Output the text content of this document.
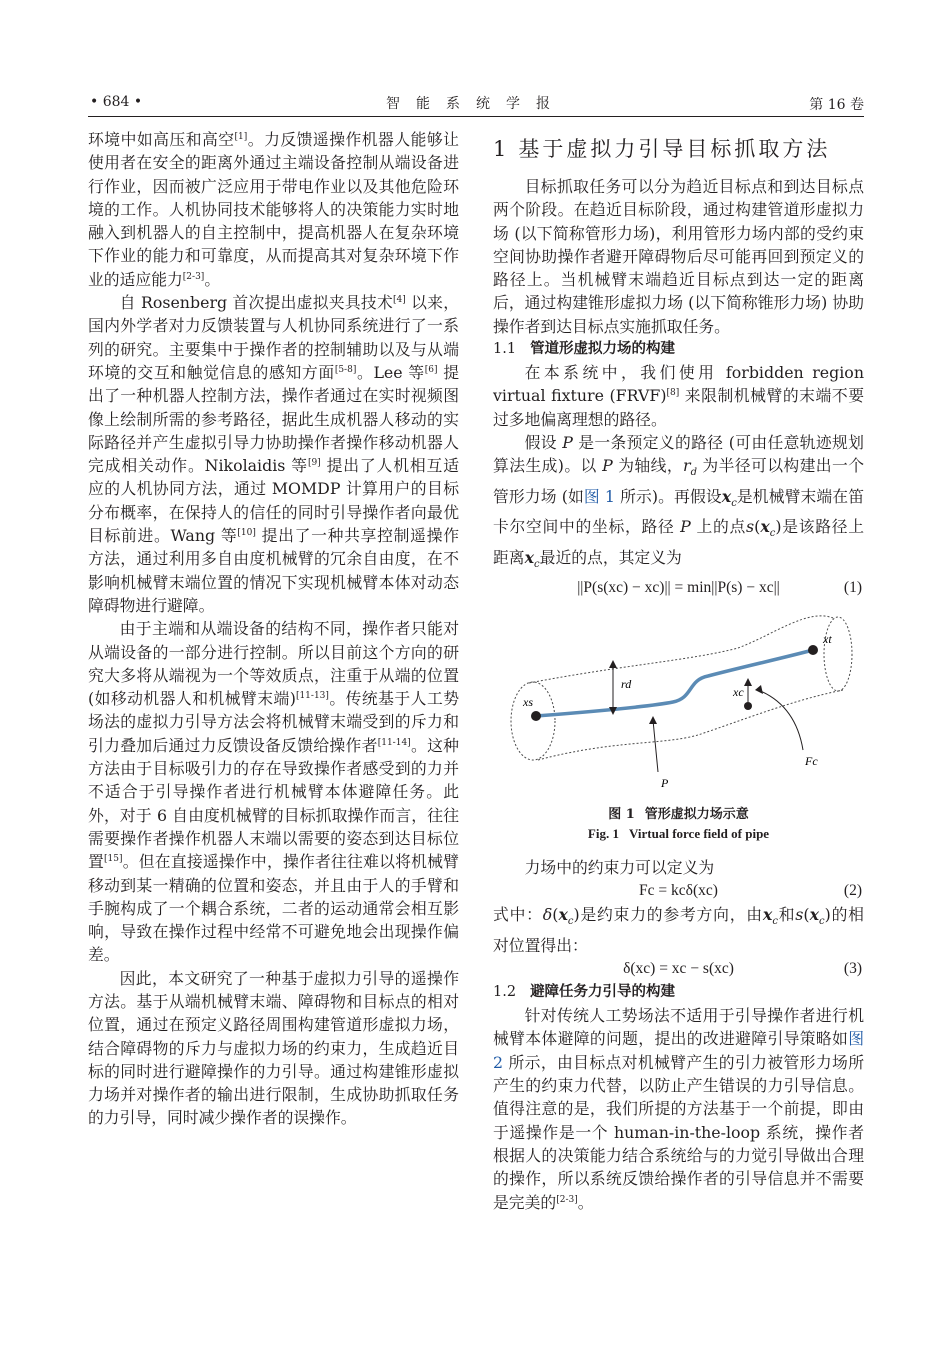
• 684 •	智能系统学报	第 16 卷

环境中如高压和高空[1]。力反馈遥操作机器人能够让使用者在安全的距离外通过主端设备控制从端设备进行作业，因而被广泛应用于带电作业以及其他危险环境的工作。人机协同技术能够将人的决策能力实时地融入到机器人的自主控制中，提高机器人在复杂环境下作业的能力和可靠度，从而提高其对复杂环境下作业的适应能力[2-3]。

自 Rosenberg 首次提出虚拟夹具技术[4] 以来，国内外学者对力反馈装置与人机协同系统进行了一系列的研究。主要集中于操作者的控制辅助以及与从端环境的交互和触觉信息的感知方面[5-8]。Lee 等[6] 提出了一种机器人控制方法，操作者通过在实时视频图像上绘制所需的参考路径，据此生成机器人移动的实际路径并产生虚拟引导力协助操作者操作移动机器人完成相关动作。Nikolaidis 等[9] 提出了人机相互适应的人机协同方法，通过 MOMDP 计算用户的目标分布概率，在保持人的信任的同时引导操作者向最优目标前进。Wang 等[10] 提出了一种共享控制遥操作方法，通过利用多自由度机械臂的冗余自由度，在不影响机械臂末端位置的情况下实现机械臂本体对动态障碍物进行避障。

由于主端和从端设备的结构不同，操作者只能对从端设备的一部分进行控制。所以目前这个方向的研究大多将从端视为一个等效质点，注重于从端的位置 (如移动机器人和机械臂末端)[11-13]。传统基于人工势场法的虚拟力引导方法会将机械臂末端受到的斥力和引力叠加后通过力反馈设备反馈给操作者[11-14]。这种方法由于目标吸引力的存在导致操作者感受到的力并不适合于引导操作者进行机械臂本体避障任务。此外，对于 6 自由度机械臂的目标抓取操作而言，往往需要操作者操作机器人末端以需要的姿态到达目标位置[15]。但在直接遥操作中，操作者往往难以将机械臂移动到某一精确的位置和姿态，并且由于人的手臂和手腕构成了一个耦合系统，二者的运动通常会相互影响，导致在操作过程中经常不可避免地会出现操作偏差。

因此，本文研究了一种基于虚拟力引导的遥操作方法。基于从端机械臂末端、障碍物和目标点的相对位置，通过在预定义路径周围构建管道形虚拟力场，结合障碍物的斥力与虚拟力场的约束力，生成趋近目标的同时进行避障操作的力引导。通过构建锥形虚拟力场并对操作者的输出进行限制，生成协助抓取任务的力引导，同时减少操作者的误操作。

1 基于虚拟力引导目标抓取方法

目标抓取任务可以分为趋近目标点和到达目标点两个阶段。在趋近目标阶段，通过构建管道形虚拟力场 (以下简称管形力场)，利用管形力场内部的受约束空间协助操作者避开障碍物后尽可能再回到预定义的路径上。当机械臂末端趋近目标点到达一定的距离后，通过构建锥形虚拟力场 (以下简称锥形力场) 协助操作者到达目标点实施抓取任务。

1.1 管道形虚拟力场的构建

在本系统中，我们使用 forbidden region virtual fixture (FRVF)[8] 来限制机械臂的末端不要过多地偏离理想的路径。

假设 P 是一条预定义的路径 (可由任意轨迹规划算法生成)。以 P 为轴线，$r_d$ 为半径可以构建出一个管形力场 (如图 1 所示)。再假设$x_c$是机械臂末端在笛卡尔空间中的坐标，路径 P 上的点$s(x_c)$是该路径上距离$x_c$最近的点，其定义为

||P(s(xc) − xc)|| = min||P(s) − xc||	(1)
xt
xc
rd
xs
P
Fc
图 1 管形虚拟力场示意
Fig. 1 Virtual force field of pipe

力场中的约束力可以定义为

Fc = kcδ(xc)	(2)

式中：$\delta(x_c)$是约束力的参考方向，由$x_c$和$s(x_c)$的相对位置得出：

δ(xc) = xc − s(xc)	(3)
1.2 避障任务力引导的构建

针对传统人工势场法不适用于引导操作者进行机械臂本体避障的问题，提出的改进避障引导策略如图 2 所示，由目标点对机械臂产生的引力被管形力场所产生的约束力代替，以防止产生错误的力引导信息。值得注意的是，我们所提的方法基于一个前提，即由于遥操作是一个 human-in-the-loop 系统，操作者根据人的决策能力结合系统给与的力觉引导做出合理的操作，所以系统反馈给操作者的引导信息并不需要是完美的[2-3]。
